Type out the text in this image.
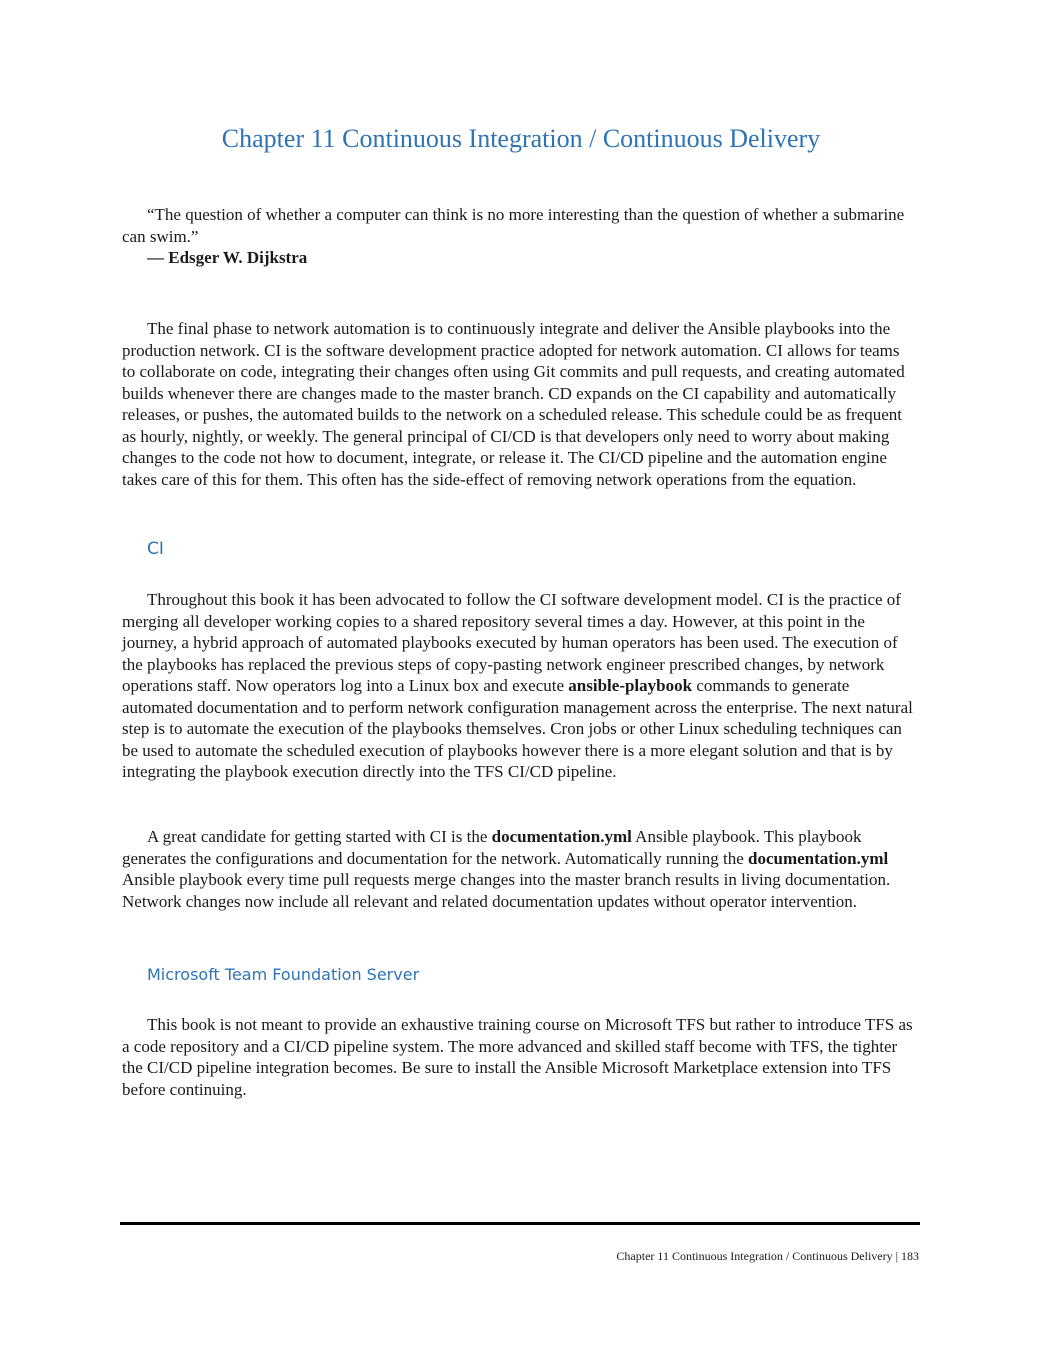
Chapter 11 Continuous Integration / Continuous Delivery

“The question of whether a computer can think is no more interesting than the question of whether a submarine can swim.”

— Edsger W. Dijkstra

The final phase to network automation is to continuously integrate and deliver the Ansible playbooks into the production network. CI is the software development practice adopted for network automation. CI allows for teams to collaborate on code, integrating their changes often using Git commits and pull requests, and creating automated builds whenever there are changes made to the master branch. CD expands on the CI capability and automatically releases, or pushes, the automated builds to the network on a scheduled release. This schedule could be as frequent as hourly, nightly, or weekly. The general principal of CI/CD is that developers only need to worry about making changes to the code not how to document, integrate, or release it. The CI/CD pipeline and the automation engine takes care of this for them. This often has the side-effect of removing network operations from the equation.

CI

Throughout this book it has been advocated to follow the CI software development model. CI is the practice of merging all developer working copies to a shared repository several times a day. However, at this point in the journey, a hybrid approach of automated playbooks executed by human operators has been used. The execution of the playbooks has replaced the previous steps of copy-pasting network engineer prescribed changes, by network operations staff. Now operators log into a Linux box and execute ansible-playbook commands to generate automated documentation and to perform network configuration management across the enterprise. The next natural step is to automate the execution of the playbooks themselves. Cron jobs or other Linux scheduling techniques can be used to automate the scheduled execution of playbooks however there is a more elegant solution and that is by integrating the playbook execution directly into the TFS CI/CD pipeline.

A great candidate for getting started with CI is the documentation.yml Ansible playbook. This playbook generates the configurations and documentation for the network. Automatically running the documentation.yml Ansible playbook every time pull requests merge changes into the master branch results in living documentation. Network changes now include all relevant and related documentation updates without operator intervention.

Microsoft Team Foundation Server

This book is not meant to provide an exhaustive training course on Microsoft TFS but rather to introduce TFS as a code repository and a CI/CD pipeline system. The more advanced and skilled staff become with TFS, the tighter the CI/CD pipeline integration becomes. Be sure to install the Ansible Microsoft Marketplace extension into TFS before continuing.

Chapter 11 Continuous Integration / Continuous Delivery | 183
